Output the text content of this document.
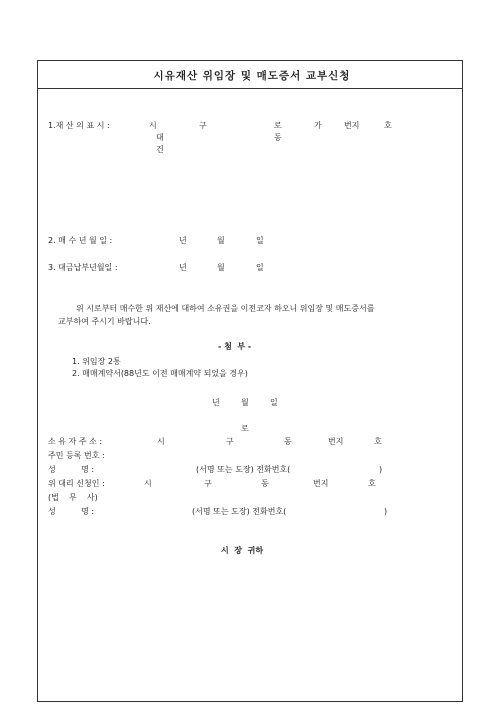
시유재산 위임장 및 매도증서 교부신청
1.재 산 의 표 시 :	시	구	로	가	번지	호
대	동
건
2. 매 수 년 월 일 :	년	월	일
3. 대금납부년월일 :	년	월	일
위 시로부터 매수한 위 재산에 대하여 소유권을 이전코자 하오니 위임장 및 매도증서를
교부하여 주시기 바랍니다.
- 첨  부 -
1. 위임장 2통
2. 매매계약서(88년도 이전 매매계약 되었을 경우)
년	월	일
로
소 유 자 주 소 :	시	구	동	번지	호
주민 등록 번호 :
성          명 :	(서명 또는 도장) 전화번호(	)
위 대리 신청인 :	시	구	동	번지	호
(법    무    사)
성          명 :	(서명 또는 도장) 전화번호(	)
시  장  귀하
